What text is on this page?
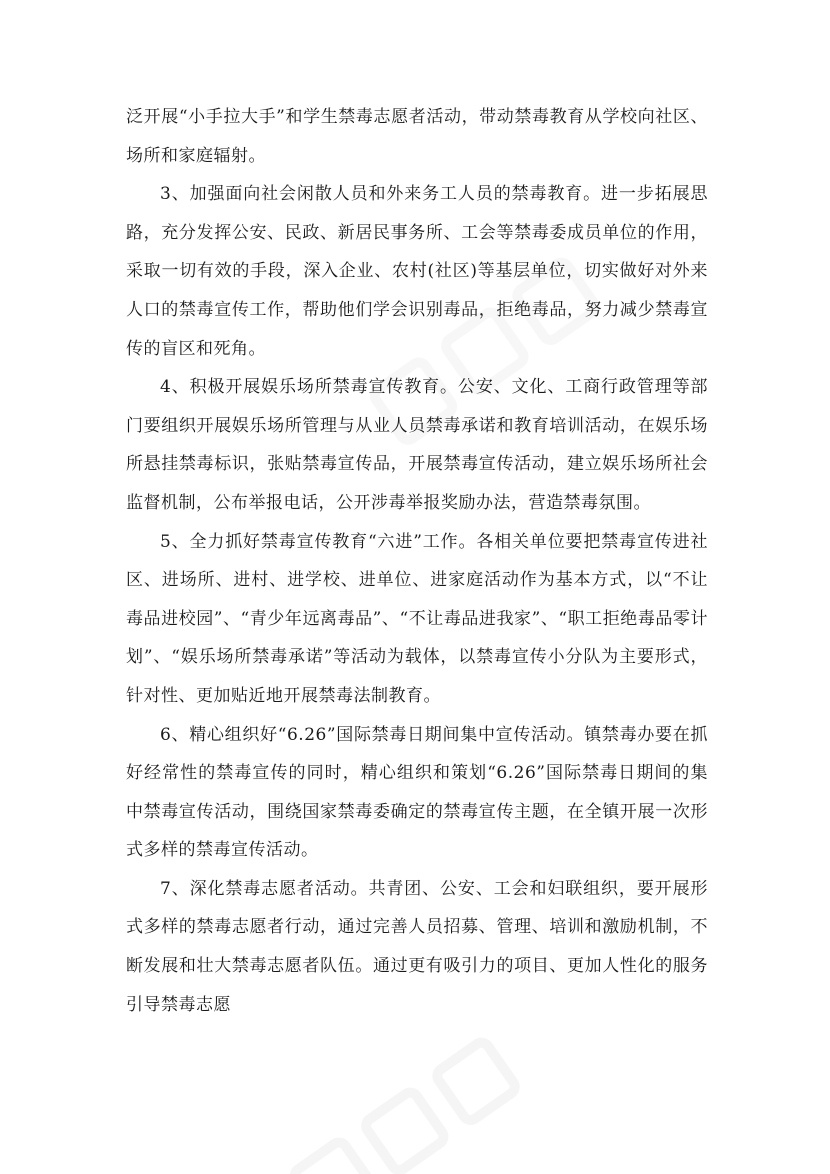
泛开展“小手拉大手”和学生禁毒志愿者活动，带动禁毒教育从学校向社区、场所和家庭辐射。

3、加强面向社会闲散人员和外来务工人员的禁毒教育。进一步拓展思路，充分发挥公安、民政、新居民事务所、工会等禁毒委成员单位的作用，采取一切有效的手段，深入企业、农村(社区)等基层单位，切实做好对外来人口的禁毒宣传工作，帮助他们学会识别毒品，拒绝毒品，努力减少禁毒宣传的盲区和死角。

4、积极开展娱乐场所禁毒宣传教育。公安、文化、工商行政管理等部门要组织开展娱乐场所管理与从业人员禁毒承诺和教育培训活动，在娱乐场所悬挂禁毒标识，张贴禁毒宣传品，开展禁毒宣传活动，建立娱乐场所社会监督机制，公布举报电话，公开涉毒举报奖励办法，营造禁毒氛围。

5、全力抓好禁毒宣传教育“六进”工作。各相关单位要把禁毒宣传进社区、进场所、进村、进学校、进单位、进家庭活动作为基本方式，以“不让毒品进校园”、“青少年远离毒品”、“不让毒品进我家”、“职工拒绝毒品零计划”、“娱乐场所禁毒承诺”等活动为载体，以禁毒宣传小分队为主要形式，针对性、更加贴近地开展禁毒法制教育。

6、精心组织好“6.26”国际禁毒日期间集中宣传活动。镇禁毒办要在抓好经常性的禁毒宣传的同时，精心组织和策划“6.26”国际禁毒日期间的集中禁毒宣传活动，围绕国家禁毒委确定的禁毒宣传主题，在全镇开展一次形式多样的禁毒宣传活动。

7、深化禁毒志愿者活动。共青团、公安、工会和妇联组织，要开展形式多样的禁毒志愿者行动，通过完善人员招募、管理、培训和激励机制，不断发展和壮大禁毒志愿者队伍。通过更有吸引力的项目、更加人性化的服务引导禁毒志愿
